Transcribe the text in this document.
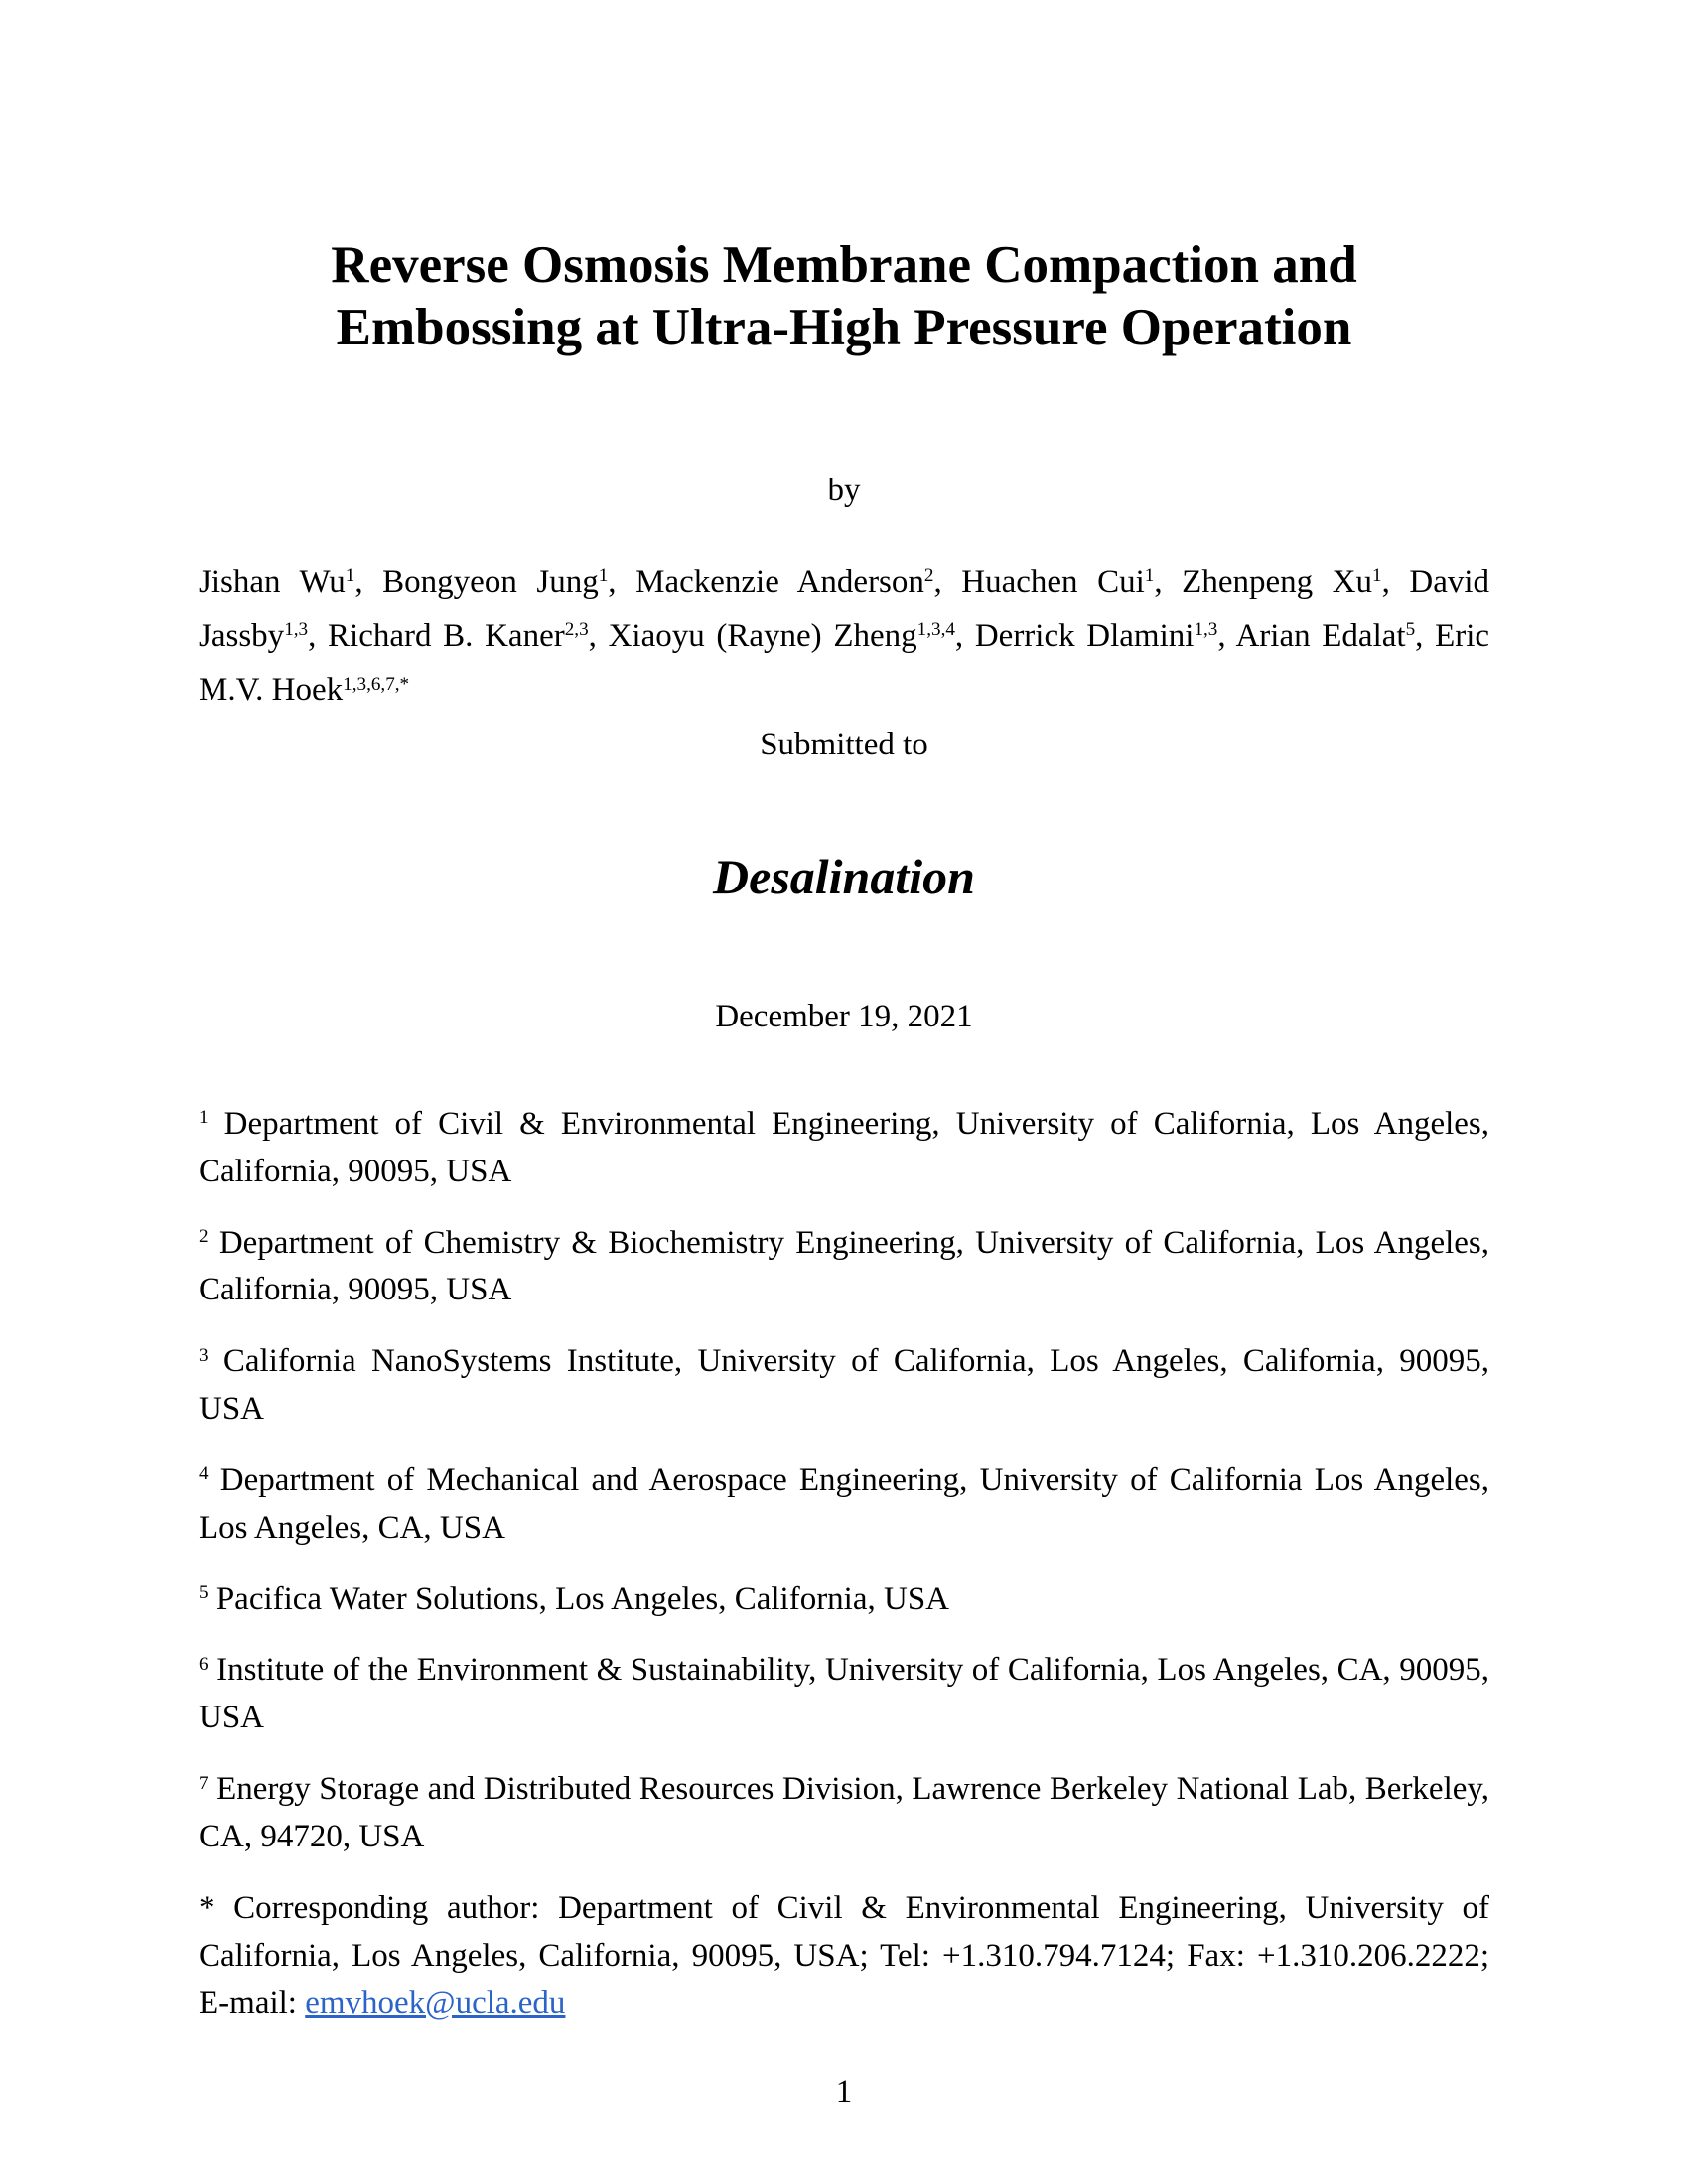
Reverse Osmosis Membrane Compaction and
Embossing at Ultra-High Pressure Operation

by

Jishan Wu$^1$, Bongyeon Jung$^1$, Mackenzie Anderson$^2$, Huachen Cui$^1$, Zhenpeng Xu$^1$, David Jassby$^{1,3}$, Richard B. Kaner$^{2,3}$, Xiaoyu (Rayne) Zheng$^{1,3,4}$, Derrick Dlamini$^{1,3}$, Arian Edalat$^5$, Eric M.V. Hoek$^{1,3,6,7,*}$

Submitted to

Desalination

December 19, 2021

$^1$ Department of Civil & Environmental Engineering, University of California, Los Angeles, California, 90095, USA

$^2$ Department of Chemistry & Biochemistry Engineering, University of California, Los Angeles, California, 90095, USA

$^3$ California NanoSystems Institute, University of California, Los Angeles, California, 90095, USA

$^4$ Department of Mechanical and Aerospace Engineering, University of California Los Angeles, Los Angeles, CA, USA

$^5$ Pacifica Water Solutions, Los Angeles, California, USA

$^6$ Institute of the Environment & Sustainability, University of California, Los Angeles, CA, 90095, USA

$^7$ Energy Storage and Distributed Resources Division, Lawrence Berkeley National Lab, Berkeley, CA, 94720, USA

* Corresponding author: Department of Civil & Environmental Engineering, University of California, Los Angeles, California, 90095, USA; Tel: +1.310.794.7124; Fax: +1.310.206.2222; E-mail: emvhoek@ucla.edu

1
